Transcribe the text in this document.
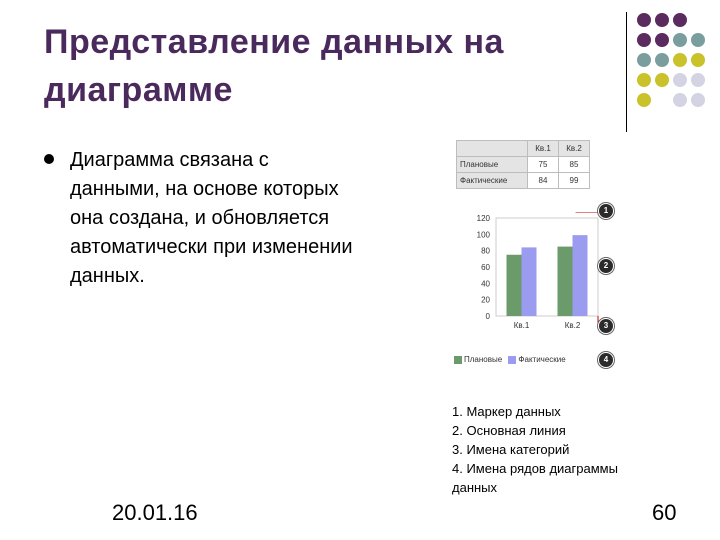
Представление данных на диаграмме

Диаграмма связана с данными, на основе которых она создана, и обновляется автоматически при изменении данных.

	Кв.1	Кв.2
Плановые	75	85
Фактические	84	99
0
20
40
60
80
100
120
Кв.1	Кв.2
Плановые Фактические
1
2
3
4
1. Маркер данных
2. Основная линия
3. Имена категорий
4. Имена рядов диаграммы данных
20.01.16	60
